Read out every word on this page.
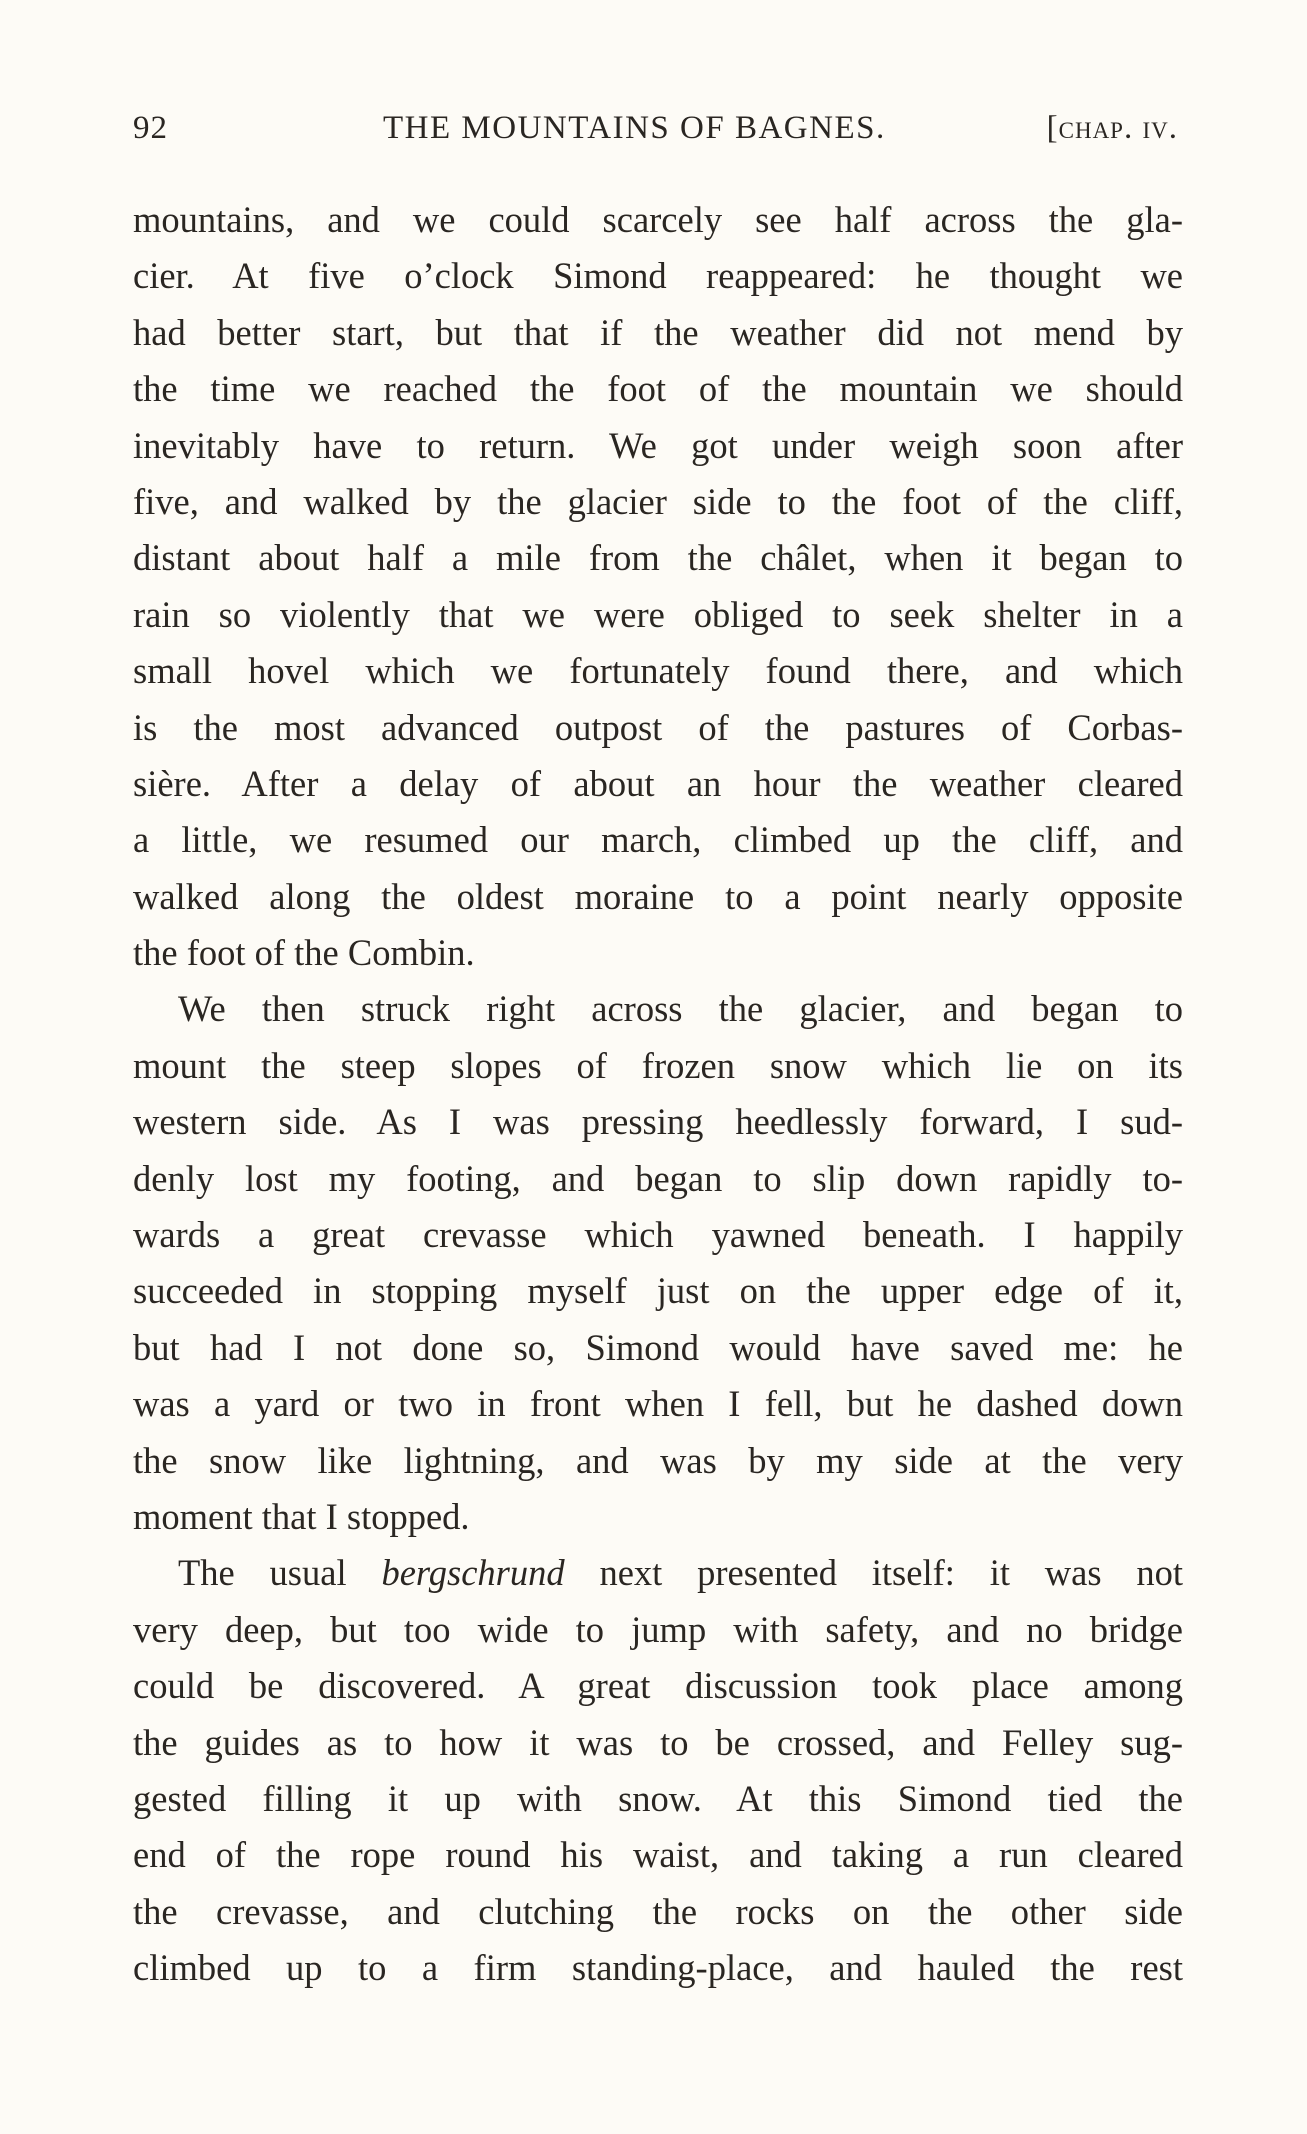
92	THE MOUNTAINS OF BAGNES.	[chap. iv.
mountains, and we could scarcely see half across the gla-
cier. At five o’clock Simond reappeared: he thought we
had better start, but that if the weather did not mend by
the time we reached the foot of the mountain we should
inevitably have to return. We got under weigh soon after
five, and walked by the glacier side to the foot of the cliff,
distant about half a mile from the châlet, when it began to
rain so violently that we were obliged to seek shelter in a
small hovel which we fortunately found there, and which
is the most advanced outpost of the pastures of Corbas-
sière. After a delay of about an hour the weather cleared
a little, we resumed our march, climbed up the cliff, and
walked along the oldest moraine to a point nearly opposite
the foot of the Combin.
We then struck right across the glacier, and began to
mount the steep slopes of frozen snow which lie on its
western side. As I was pressing heedlessly forward, I sud-
denly lost my footing, and began to slip down rapidly to-
wards a great crevasse which yawned beneath. I happily
succeeded in stopping myself just on the upper edge of it,
but had I not done so, Simond would have saved me: he
was a yard or two in front when I fell, but he dashed down
the snow like lightning, and was by my side at the very
moment that I stopped.
The usual bergschrund next presented itself: it was not
very deep, but too wide to jump with safety, and no bridge
could be discovered. A great discussion took place among
the guides as to how it was to be crossed, and Felley sug-
gested filling it up with snow. At this Simond tied the
end of the rope round his waist, and taking a run cleared
the crevasse, and clutching the rocks on the other side
climbed up to a firm standing-place, and hauled the rest
